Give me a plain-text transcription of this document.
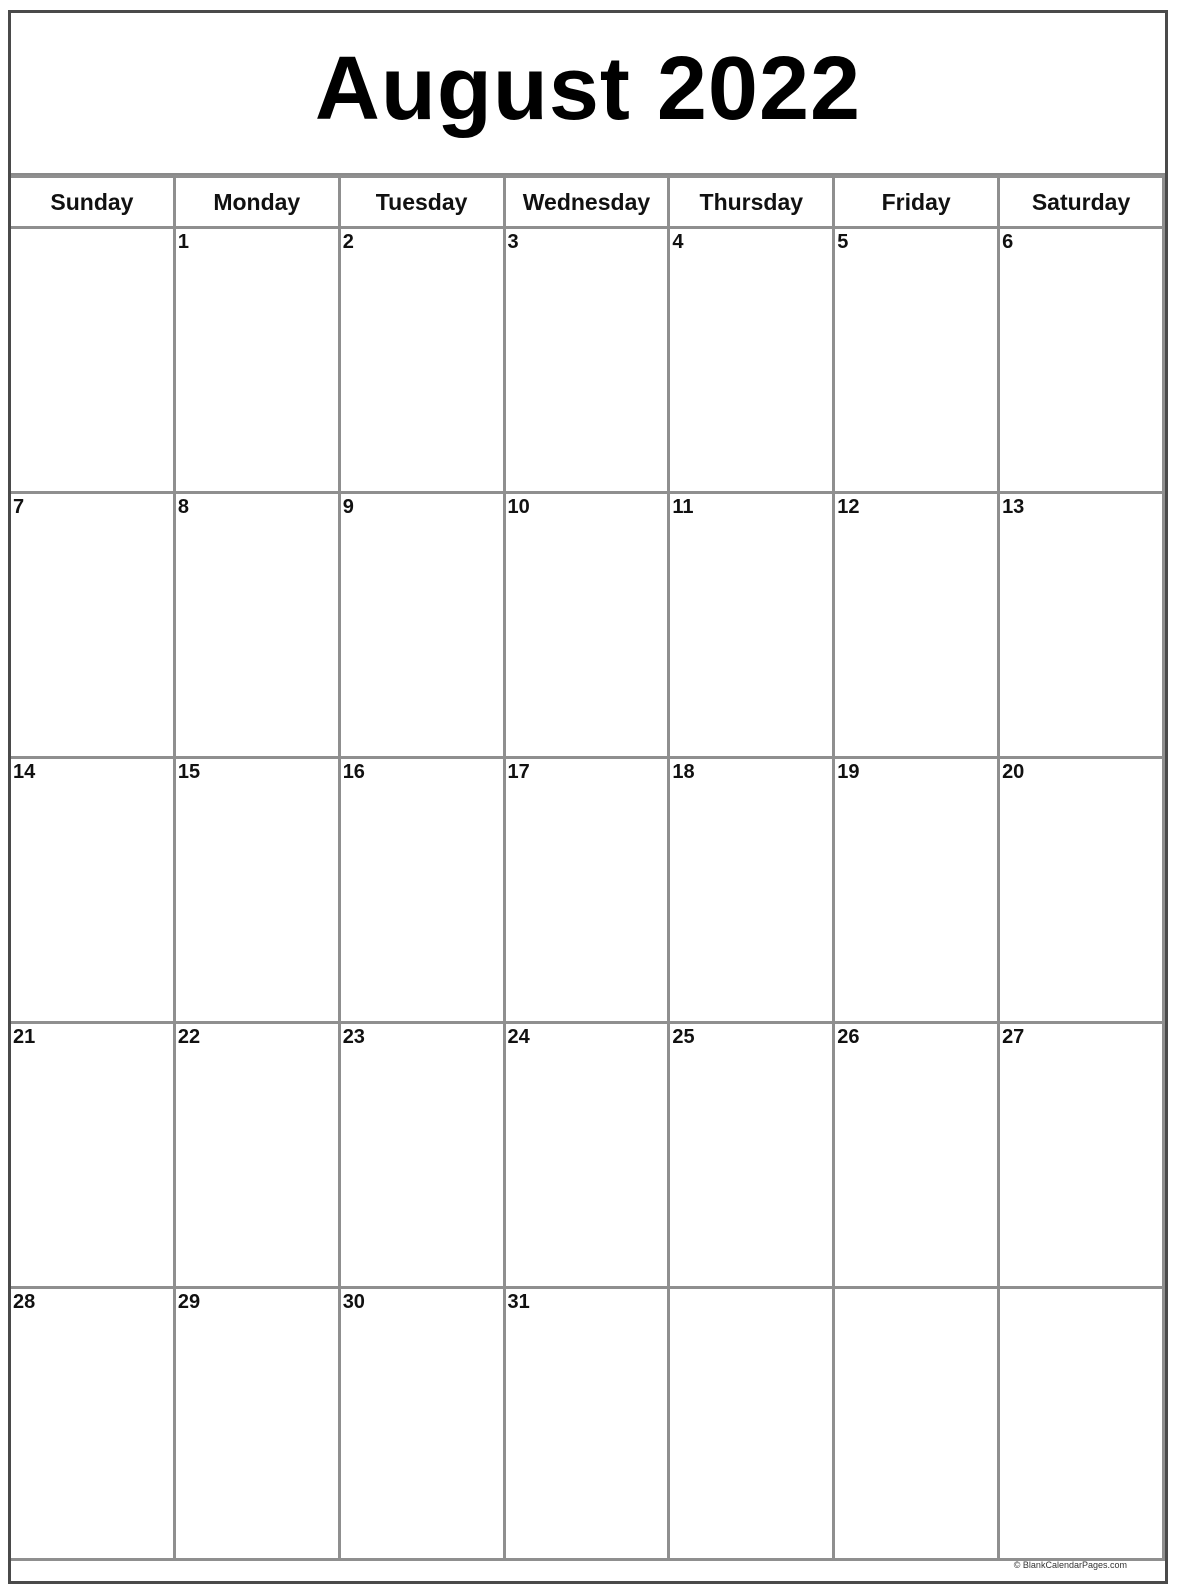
August 2022
Sunday	Monday	Tuesday	Wednesday	Thursday	Friday	Saturday

	1	2	3	4	5	6

7	8	9	10	11	12	13

14	15	16	17	18	19	20

21	22	23	24	25	26	27

28	29	30	31			

© BlankCalendarPages.com
